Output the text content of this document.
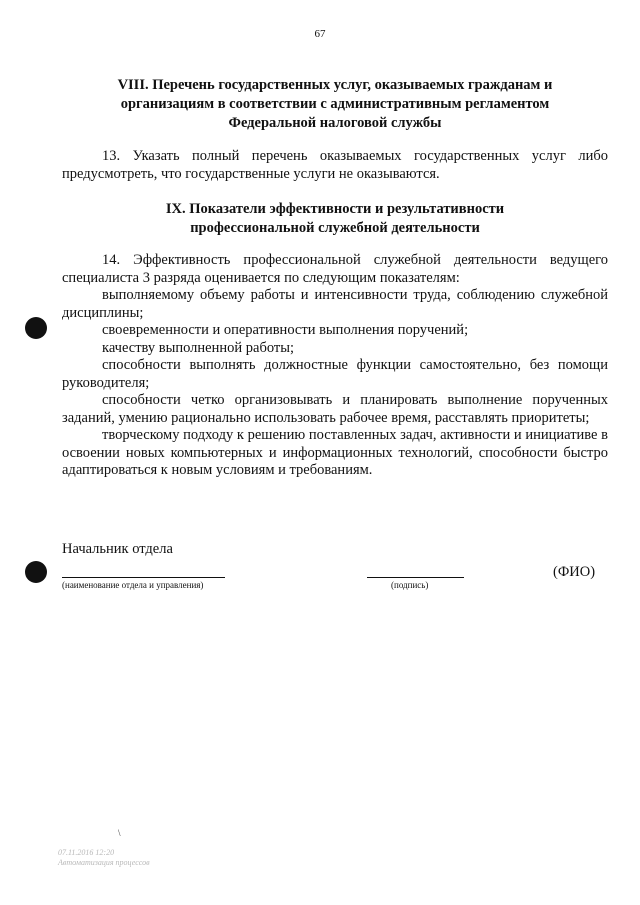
67
VIII. Перечень государственных услуг, оказываемых гражданам и
организациям в соответствии с административным регламентом
Федеральной налоговой службы
13. Указать полный перечень оказываемых государственных услуг либо предусмотреть, что государственные услуги не оказываются.
IX. Показатели эффективности и результативности
профессиональной служебной деятельности
14. Эффективность профессиональной служебной деятельности ведущего специалиста 3 разряда оценивается по следующим показателям:
выполняемому объему работы и интенсивности труда, соблюдению служебной дисциплины;
своевременности и оперативности выполнения поручений;
качеству выполненной работы;
способности выполнять должностные функции самостоятельно, без помощи руководителя;
способности четко организовывать и планировать выполнение порученных заданий, умению рационально использовать рабочее время, расставлять приоритеты;
творческому подходу к решению поставленных задач, активности и инициативе в освоении новых компьютерных и информационных технологий, способности быстро адаптироваться к новым условиям и требованиям.
Начальник отдела
(наименование отдела и управления)	(подпись)
(ФИО)
\
07.11.2016 12:20
Автоматизация процессов
